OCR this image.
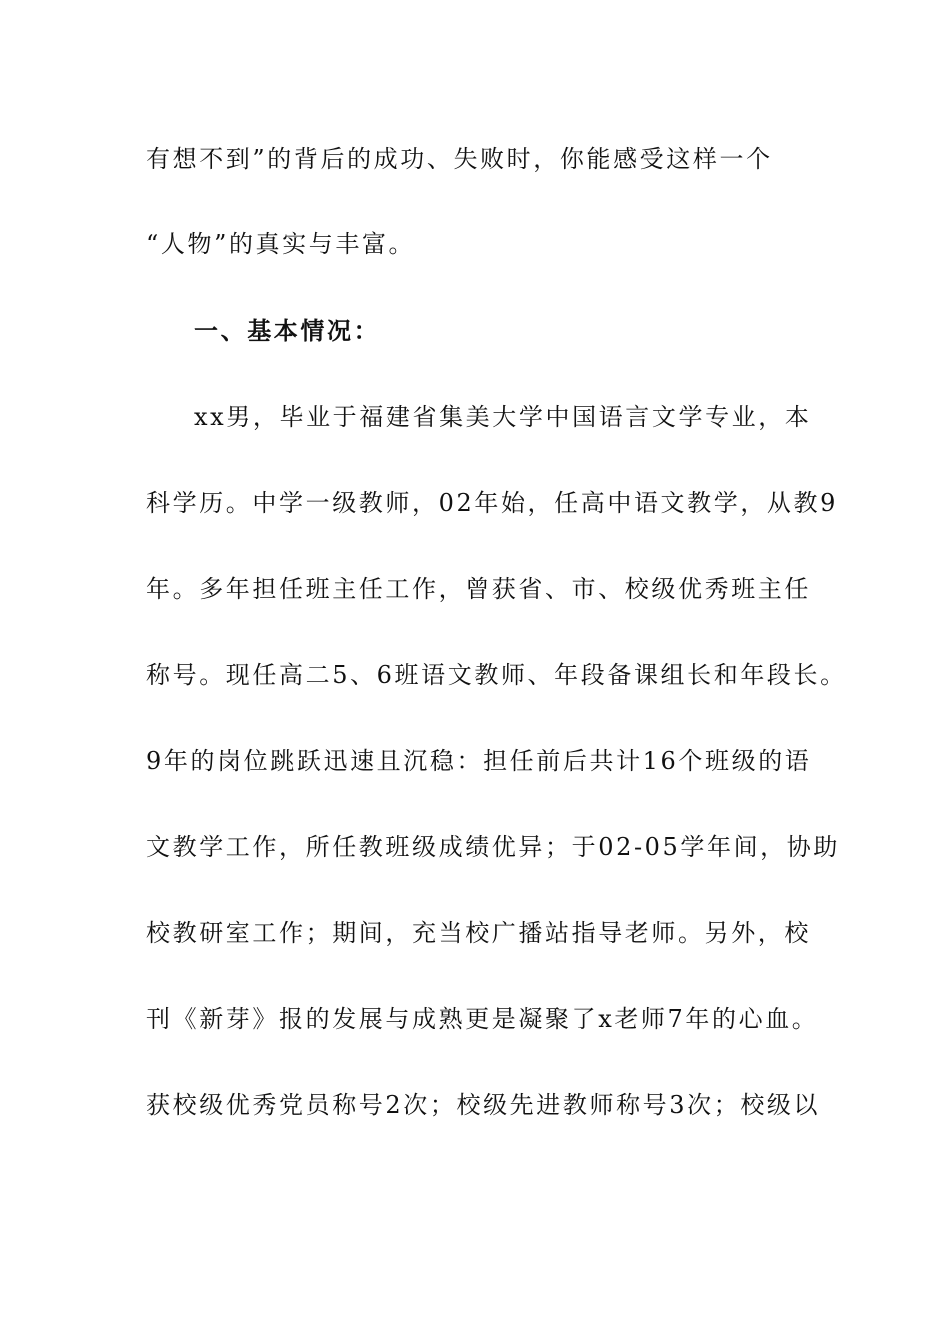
有想不到”的背后的成功、失败时，你能感受这样一个
“人物”的真实与丰富。
一、基本情况：
xx男，毕业于福建省集美大学中国语言文学专业，本
科学历。中学一级教师，02年始，任高中语文教学，从教9
年。多年担任班主任工作，曾获省、市、校级优秀班主任
称号。现任高二5、6班语文教师、年段备课组长和年段长。
9年的岗位跳跃迅速且沉稳：担任前后共计16个班级的语
文教学工作，所任教班级成绩优异；于02-05学年间，协助
校教研室工作；期间，充当校广播站指导老师。另外，校
刊《新芽》报的发展与成熟更是凝聚了x老师7年的心血。
获校级优秀党员称号2次；校级先进教师称号3次；校级以
